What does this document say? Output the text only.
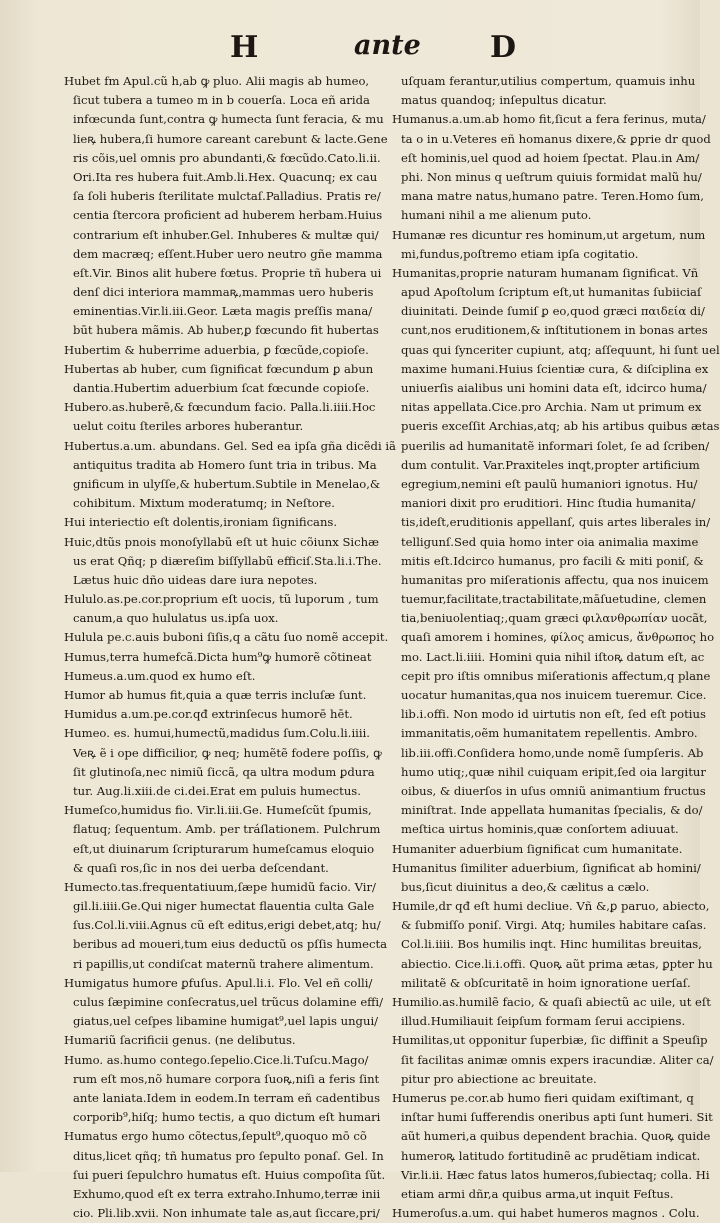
H	ante D
Hubet fm Apul.cũ h,ab ꝙ pluo. Alii magis ab humeo,
ſicut tubera a tumeo m in b couerſa. Loca eñ arida
infœcunda ſunt,contra ꝙ humecta ſunt feracia, & mu
lieꝶ hubera,ſi humore careant carebunt & lacte.Gene
ris cõis,uel omnis pro abundanti,& fœcũdo.Cato.li.ii.
Ori.Ita res hubera fuit.Amb.li.Hex. Quacunq; ex cau
ſa ſoli huberis ſterilitate mulctaſ.Palladius. Pratis re/
centia ſtercora proficient ad huberem herbam.Huius
contrarium eſt inhuber.Gel. Inhuberes & multæ qui/
dem macræq; eſſent.Huber uero neutro gñe mamma
eſt.Vir. Binos alit hubere fœtus. Proprie tñ hubera ui
denſ dici interiora mammaꝶ,mammas uero huberis
eminentias.Vir.li.iii.Geor. Læta magis preſſis mana/
būt hubera mãmis. Ab huber,ꝑ fœcundo fit hubertas
Hubertim & huberrime aduerbia, ꝑ fœcũde,copioſe.
Hubertas ab huber, cum ſignificat fœcundum ꝑ abun
dantia.Hubertim aduerbium ſcat fœcunde copioſe.
Hubero.as.huberē,& fœcundum facio. Palla.li.iiii.Hoc
uelut coitu ſteriles arbores huberantur.
Hubertus.a.um. abundans. Gel. Sed ea ipſa gña dicẽdi iã
antiquitus tradita ab Homero ſunt tria in tribus. Ma
gnificum in ulyſſe,& hubertum.Subtile in Menelao,&
cohibitum. Mixtum moderatumq; in Neſtore.
Hui interiectio eſt dolentis,ironiam ſignificans.
Huic,dtũs pnois monoſyllabũ eſt ut huic cõiunx Sichæ
us erat Qñq; p diæreſim biſſyllabũ efficiſ.Sta.li.i.The.
Lætus huic dño uideas dare iura nepotes.
Hululo.as.pe.cor.proprium eſt uocis, tũ luporum , tum
canum,a quo hululatus us.ipſa uox.
Hulula pe.c.auis buboni ſiſis,q a cãtu ſuo nomẽ accepit.
Humus,terra humefcã.Dicta hum⁹ꝙ humorẽ cõtineat
Humeus.a.um.quod ex humo eſt.
Humor ab humus fit,quia a quæ terris incluſæ ſunt.
Humidus a.um.pe.cor.qđ extrinſecus humorē hēt.
Humeo. es. humui,humectũ,madidus ſum.Colu.li.iiii.
Veꝶ ẽ i ope difficilior, ꝙ neq; humẽtẽ fodere poſſis, ꝙ
ſit glutinoſa,nec nimiũ ſiccã, qa ultra modum ꝑdura
tur. Aug.li.xiii.de ci.dei.Erat em puluis humectus.
Humeſco,humidus fio. Vir.li.iii.Ge. Humeſcũt ſpumis,
flatuq; ſequentum. Amb. per tráſlationem. Pulchrum
eſt,ut diuinarum ſcripturarum humeſcamus eloquio
& quaſi ros,ſic in nos dei uerba deſcendant.
Humecto.tas.frequentatiuum,ſæpe humidũ facio. Vir/
gil.li.iiii.Ge.Qui niger humectat flauentia culta Gale
ſus.Col.li.viii.Agnus cũ eſt editus,erigi debet,atq; hu/
beribus ad moueri,tum eius deductũ os pſſis humecta
ri papillis,ut condiſcat maternũ trahere alimentum.
Humigatus humore ꝑfuſus. Apul.li.i. Flo. Vel eñ colli/
culus ſæpimine conſecratus,uel trũcus dolamine effi/
giatus,uel ceſpes libamine humigat⁹,uel lapis ungui/
Humariũ ſacrificii genus. (ne delibutus.
Humo. as.humo contego.ſepelio.Cice.li.Tuſcu.Mago/
rum eſt mos,nõ humare corpora ſuoꝶ,niſi a feris ſint
ante laniata.Idem in eodem.In terram eñ cadentibus
corporib⁹,hiſq; humo tectis, a quo dictum eſt humari
Humatus ergo humo cõtectus,ſepult⁹,quoquo mō cõ
ditus,licet qñq; tñ humatus pro ſepulto ponaſ. Gel. In
ſui pueri ſepulchro humatus eſt. Huius compoſita ſũt.
Exhumo,quod eſt ex terra extraho.Inhumo,terræ inii
cio. Pli.lib.xvii. Non inhumate tale as,aut ſiccare,pri/
uſquam ferantur,utilius compertum, quamuis inhu
matus quandoq; inſepultus dicatur.
Humanus.a.um.ab homo fit,ſicut a fera ferinus, muta/
ta o in u.Veteres eñ homanus dixere,& ꝑprie dr quod
eſt hominis,uel quod ad hoiem ſpectat. Plau.in Am/
phi. Non minus q ueſtrum quiuis formidat malũ hu/
mana matre natus,humano patre. Teren.Homo ſum,
humani nihil a me alienum puto.
Humanæ res dicuntur res hominum,ut argetum, num
mi,fundus,poſtremo etiam ipſa cogitatio.
Humanitas,proprie naturam humanam ſignificat. Vñ
apud Apoſtolum ſcriptum eſt,ut humanitas ſubiiciaſ
diuinitati. Deinde ſumiſ ꝑ eo,quod græci παιδεία di/
cunt,nos eruditionem,& inſtitutionem in bonas artes
quas qui ſynceriter cupiunt, atq; aſſequunt, hi ſunt uel
maxime humani.Huius ſcientiæ cura, & diſciplina ex
uniuerſis aialibus uni homini data eſt, idcirco huma/
nitas appellata.Cice.pro Archia. Nam ut primum ex
pueris exceſſit Archias,atq; ab his artibus quibus ætas
puerilis ad humanitatẽ informari ſolet, ſe ad ſcriben/
dum contulit. Var.Praxiteles inqt,propter artificium
egregium,nemini eſt paulũ humaniori ignotus. Hu/
maniori dixit pro eruditiori. Hinc ſtudia humanita/
tis,ideſt,eruditionis appellanſ, quis artes liberales in/
telligunſ.Sed quia homo inter oia animalia maxime
mitis eſt.Idcirco humanus, pro facili & miti poniſ, &
humanitas pro miſerationis affectu, qua nos inuicem
tuemur,facilitate,tractabilitate,māſuetudine, clemen
tia,beniuolentiaq;,quam græci φιλανθρωπίαν uocãt,
quaſi amorem i homines, φίλος amicus, ἄνθρωπος ho
mo. Lact.li.iiii. Homini quia nihil iſtoꝶ datum eſt, ac
cepit pro iſtis omnibus miſerationis affectum,q plane
uocatur humanitas,qua nos inuicem tueremur. Cice.
lib.i.offi. Non modo id uirtutis non eſt, ſed eſt potius
immanitatis,oẽm humanitatem repellentis. Ambro.
lib.iii.offi.Conſidera homo,unde nomẽ ſumpſeris. Ab
humo utiq;,quæ nihil cuiquam eripit,ſed oia largitur
oibus, & diuerſos in uſus omniũ animantium fructus
miniſtrat. Inde appellata humanitas ſpecialis, & do/
meſtica uirtus hominis,quæ conſortem adiuuat.
Humaniter aduerbium ſignificat cum humanitate.
Humanitus ſimiliter aduerbium, ſignificat ab homini/
bus,ſicut diuinitus a deo,& cælitus a cælo.
Humile,dr qđ eſt humi decliue. Vñ &,ꝑ paruo, abiecto,
& ſubmiſſo poniſ. Virgi. Atq; humiles habitare caſas.
Col.li.iiii. Bos humilis inqt. Hinc humilitas breuitas,
abiectio. Cice.li.i.offi. Quoꝶ aũt prima ætas, ꝑpter hu
militatẽ & obſcuritatẽ in hoim ignoratione uerſaſ.
Humilio.as.humilẽ facio, & quaſi abiectũ ac uile, ut eſt
illud.Humiliauit ſeipſum formam ſerui accipiens.
Humilitas,ut opponitur ſuperbiæ, ſic diffinit a Speuſip
ſit facilitas animæ omnis expers iracundiæ. Aliter ca/
pitur pro abiectione ac breuitate.
Humerus pe.cor.ab humo fieri quidam exiſtimant, q
inſtar humi ſufferendis oneribus apti ſunt humeri. Sit
aũt humeri,a quibus dependent brachia. Quoꝶ quide
humeroꝶ latitudo fortitudinẽ ac prudẽtiam indicat.
Vir.li.ii. Hæc fatus latos humeros,ſubiectaq; colla. Hi
etiam armi dñr,a quibus arma,ut inquit Feſtus.
Humeroſus.a.um. qui habet humeros magnos . Colu.
